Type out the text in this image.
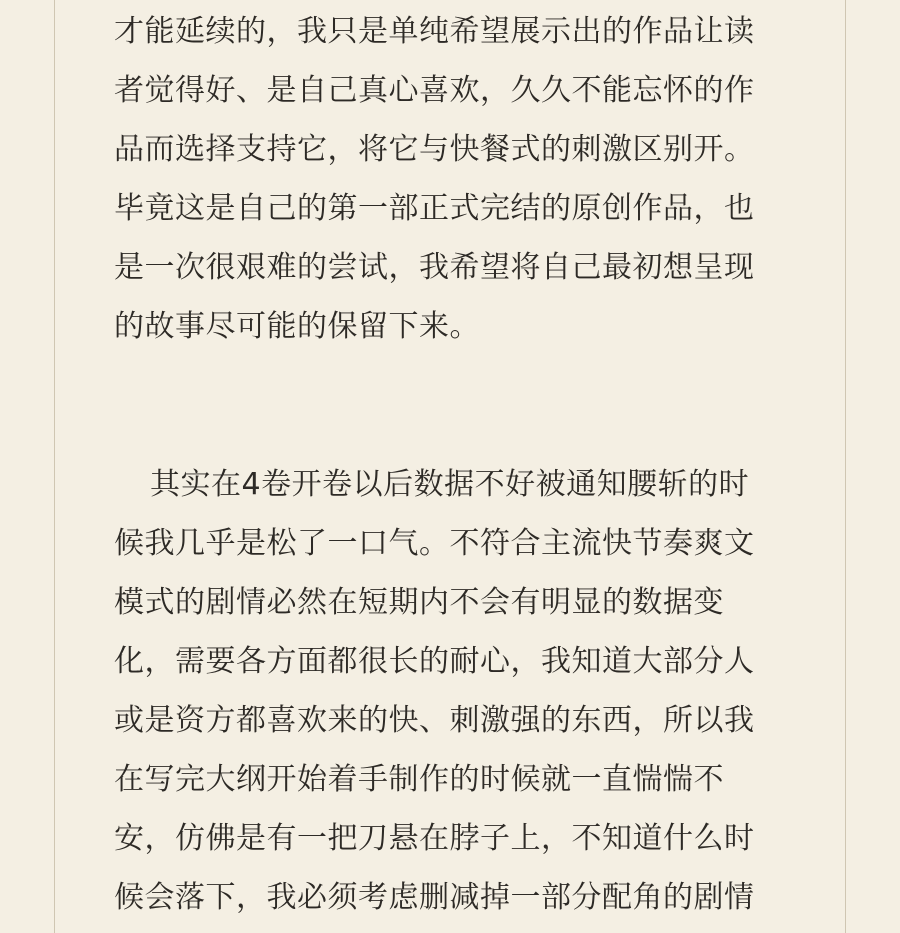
才能延续的，我只是单纯希望展示出的作品让读
者觉得好、是自己真心喜欢，久久不能忘怀的作
品而选择支持它，将它与快餐式的刺激区别开。
毕竟这是自己的第一部正式完结的原创作品，也
是一次很艰难的尝试，我希望将自己最初想呈现
的故事尽可能的保留下来。
其实在4卷开卷以后数据不好被通知腰斩的时
候我几乎是松了一口气。不符合主流快节奏爽文
模式的剧情必然在短期内不会有明显的数据变
化，需要各方面都很长的耐心，我知道大部分人
或是资方都喜欢来的快、刺激强的东西，所以我
在写完大纲开始着手制作的时候就一直惴惴不
安，仿佛是有一把刀悬在脖子上，不知道什么时
候会落下，我必须考虑删减掉一部分配角的剧情
